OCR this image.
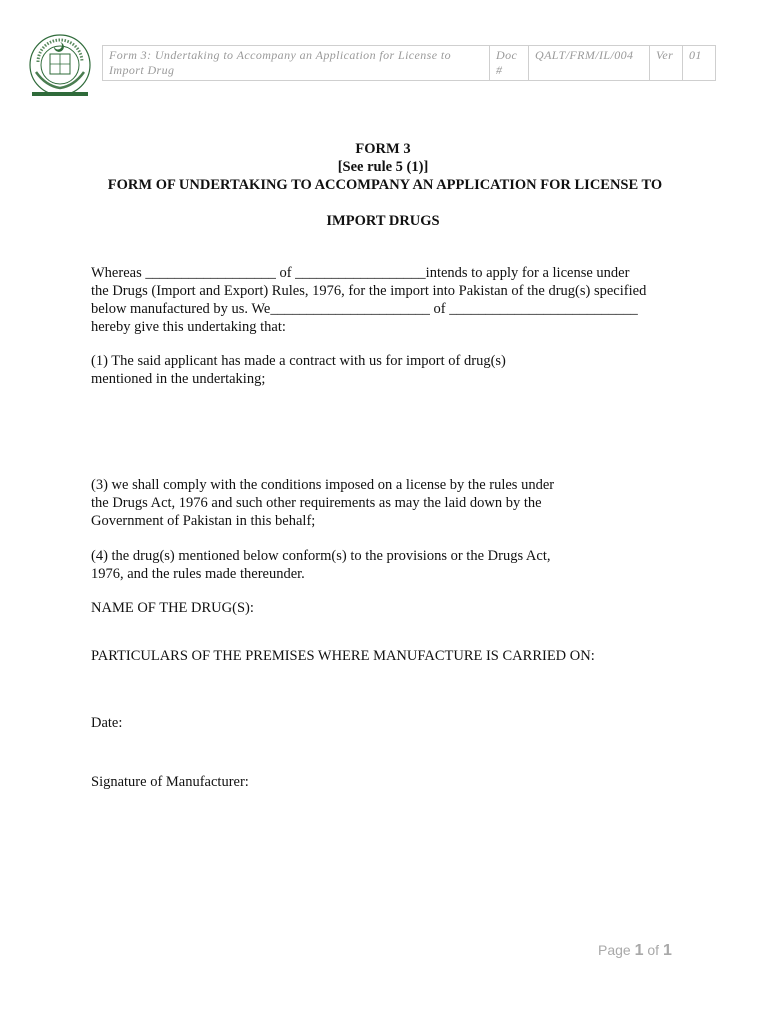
Form 3: Undertaking to Accompany an Application for License to Import Drug	Doc #	QALT/FRM/IL/004	Ver	01

FORM 3

[See rule 5 (1)]

FORM OF UNDERTAKING TO ACCOMPANY AN APPLICATION FOR LICENSE TO

IMPORT DRUGS

Whereas __________________ of __________________intends to apply for a license under

the Drugs (Import and Export) Rules, 1976, for the import into Pakistan of the drug(s) specified

below manufactured by us. We______________________ of __________________________

hereby give this undertaking that:

(1) The said applicant has made a contract with us for import of drug(s)

mentioned in the undertaking;

(3) we shall comply with the conditions imposed on a license by the rules under

the Drugs Act, 1976 and such other requirements as may the laid down by the

Government of Pakistan in this behalf;

(4) the drug(s) mentioned below conform(s) to the provisions or the Drugs Act,

1976, and the rules made thereunder.

NAME OF THE DRUG(S):

PARTICULARS OF THE PREMISES WHERE MANUFACTURE IS CARRIED ON:

Date:

Signature of Manufacturer:

Page 1 of 1
